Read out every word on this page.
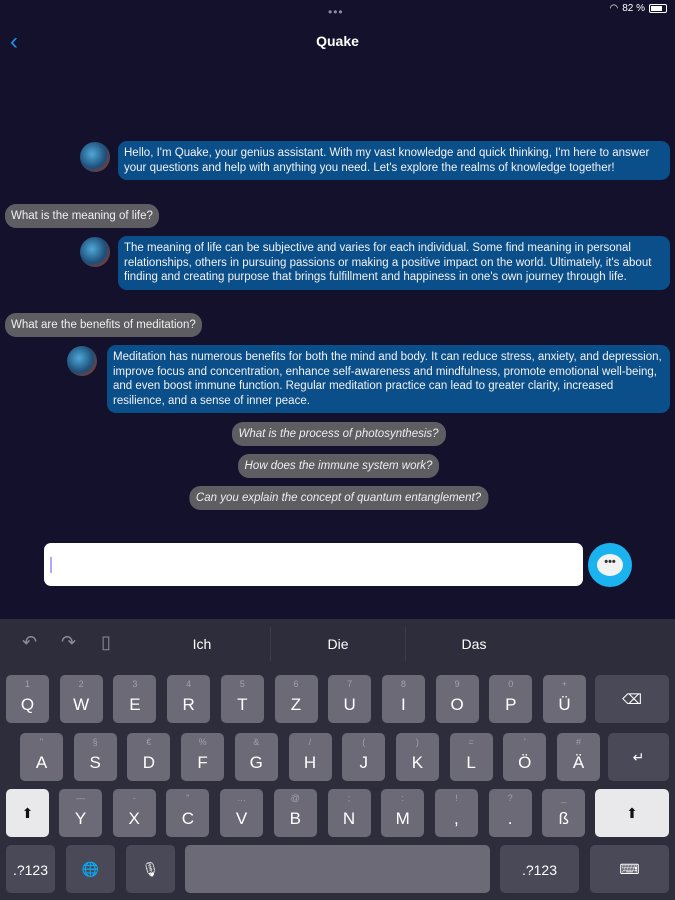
•••	◠ 82 %
‹	Quake
Hello, I'm Quake, your genius assistant. With my vast knowledge and quick thinking, I'm here to answer your questions and help with anything you need. Let's explore the realms of knowledge together!
What is the meaning of life?
The meaning of life can be subjective and varies for each individual. Some find meaning in personal relationships, others in pursuing passions or making a positive impact on the world. Ultimately, it's about finding and creating purpose that brings fulfillment and happiness in one's own journey through life.
What are the benefits of meditation?
Meditation has numerous benefits for both the mind and body. It can reduce stress, anxiety, and depression, improve focus and concentration, enhance self-awareness and mindfulness, promote emotional well-being, and even boost immune function. Regular meditation practice can lead to greater clarity, increased resilience, and a sense of inner peace.
What is the process of photosynthesis?
How does the immune system work?
Can you explain the concept of quantum entanglement?
•••
↶ ↷ ▯	Ich	Die	Das
1
Q
2
W
3
E
4
R
5
T
6
Z
7
U
8
I
9
O
0
P
+
Ü
"
A
§
S
€
D
%
F
&
G
/
H
(
J
)
K
=
L
'
Ö
#
Ä
—
Y
-
X
"
C
…
V
@
B
;
N
:
M
!
,
?
.
_
ß
⌫
↵
⬆	⬆
.?123	🌐	🎙	.?123	⌨
